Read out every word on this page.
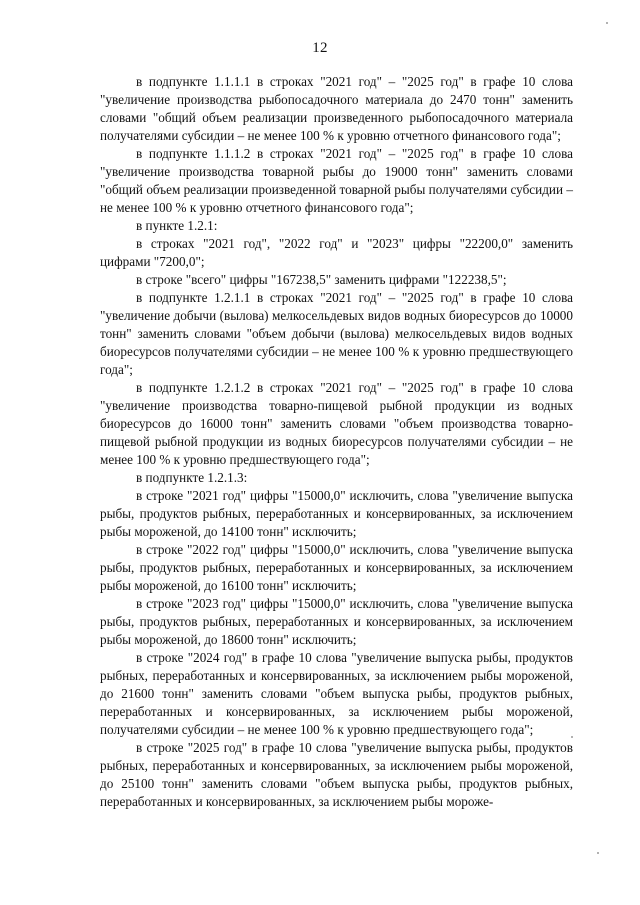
12

в подпункте 1.1.1.1 в строках "2021 год" – "2025 год" в графе 10 слова "увеличение производства рыбопосадочного материала до 2470 тонн" заменить словами "общий объем реализации произведенного рыбопосадочного материала получателями субсидии – не менее 100 % к уровню отчетного финансового года";

в подпункте 1.1.1.2 в строках "2021 год" – "2025 год" в графе 10 слова "увеличение производства товарной рыбы до 19000 тонн" заменить словами "общий объем реализации произведенной товарной рыбы получателями субсидии – не менее 100 % к уровню отчетного финансового года";

в пункте 1.2.1:

в строках "2021 год", "2022 год" и "2023" цифры "22200,0" заменить цифрами "7200,0";

в строке "всего" цифры "167238,5" заменить цифрами "122238,5";

в подпункте 1.2.1.1 в строках "2021 год" – "2025 год" в графе 10 слова "увеличение добычи (вылова) мелкосельдевых видов водных биоресурсов до 10000 тонн" заменить словами "объем добычи (вылова) мелкосельдевых видов водных биоресурсов получателями субсидии – не менее 100 % к уровню предшествующего года";

в подпункте 1.2.1.2 в строках "2021 год" – "2025 год" в графе 10 слова "увеличение производства товарно-пищевой рыбной продукции из водных биоресурсов до 16000 тонн" заменить словами "объем производства товарно-пищевой рыбной продукции из водных биоресурсов получателями субсидии – не менее 100 % к уровню предшествующего года";

в подпункте 1.2.1.3:

в строке "2021 год" цифры "15000,0" исключить, слова "увеличение выпуска рыбы, продуктов рыбных, переработанных и консервированных, за исключением рыбы мороженой, до 14100 тонн" исключить;

в строке "2022 год" цифры "15000,0" исключить, слова "увеличение выпуска рыбы, продуктов рыбных, переработанных и консервированных, за исключением рыбы мороженой, до 16100 тонн" исключить;

в строке "2023 год" цифры "15000,0" исключить, слова "увеличение выпуска рыбы, продуктов рыбных, переработанных и консервированных, за исключением рыбы мороженой, до 18600 тонн" исключить;

в строке "2024 год" в графе 10 слова "увеличение выпуска рыбы, продуктов рыбных, переработанных и консервированных, за исключением рыбы мороженой, до 21600 тонн" заменить словами "объем выпуска рыбы, продуктов рыбных, переработанных и консервированных, за исключением рыбы мороженой, получателями субсидии – не менее 100 % к уровню предшествующего года";

в строке "2025 год" в графе 10 слова "увеличение выпуска рыбы, продуктов рыбных, переработанных и консервированных, за исключением рыбы мороженой, до 25100 тонн" заменить словами "объем выпуска рыбы, продуктов рыбных, переработанных и консервированных, за исключением рыбы мороже-
